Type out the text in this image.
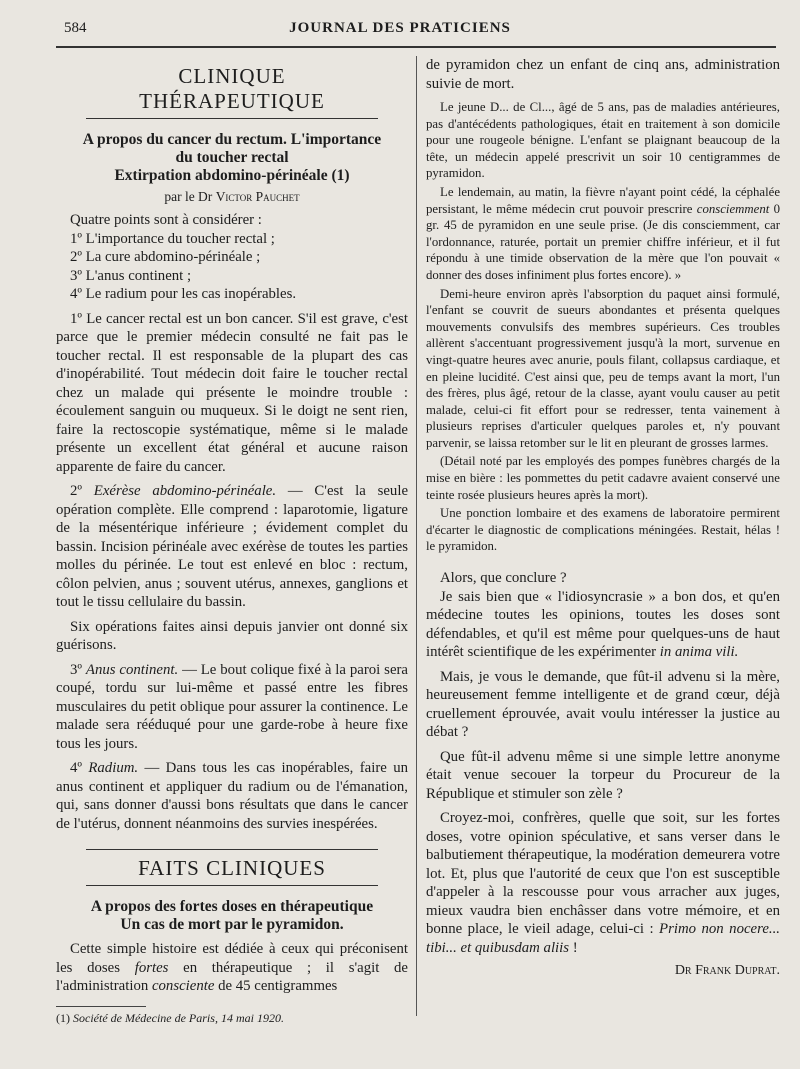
584	JOURNAL DES PRATICIENS
CLINIQUE THÉRAPEUTIQUE
A propos du cancer du rectum. L'importance
du toucher rectal
Extirpation abdomino-périnéale (1)
par le Dr Victor Pauchet
Quatre points sont à considérer :
1º L'importance du toucher rectal ;
2º La cure abdomino-périnéale ;
3º L'anus continent ;
4º Le radium pour les cas inopérables.

1º Le cancer rectal est un bon cancer. S'il est grave, c'est parce que le premier médecin consulté ne fait pas le toucher rectal. Il est responsable de la plupart des cas d'inopérabilité. Tout médecin doit faire le toucher rectal chez un malade qui présente le moindre trouble : écoulement sanguin ou muqueux. Si le doigt ne sent rien, faire la rectoscopie systématique, même si le malade présente un excellent état général et aucune raison apparente de faire du cancer.

2º Exérèse abdomino-périnéale. — C'est la seule opération complète. Elle comprend : laparotomie, ligature de la mésentérique inférieure ; évidement complet du bassin. Incision périnéale avec exérèse de toutes les parties molles du périnée. Le tout est enlevé en bloc : rectum, côlon pelvien, anus ; souvent utérus, annexes, ganglions et tout le tissu cellulaire du bassin.

Six opérations faites ainsi depuis janvier ont donné six guérisons.

3º Anus continent. — Le bout colique fixé à la paroi sera coupé, tordu sur lui-même et passé entre les fibres musculaires du petit oblique pour assurer la continence. Le malade sera rééduqué pour une garde-robe à heure fixe tous les jours.

4º Radium. — Dans tous les cas inopérables, faire un anus continent et appliquer du radium ou de l'émanation, qui, sans donner d'aussi bons résultats que dans le cancer de l'utérus, donnent néanmoins des survies inespérées.

FAITS CLINIQUES
A propos des fortes doses en thérapeutique
Un cas de mort par le pyramidon.

Cette simple histoire est dédiée à ceux qui préconisent les doses fortes en thérapeutique ; il s'agit de l'administration consciente de 45 centigrammes

(1) Société de Médecine de Paris, 14 mai 1920.

de pyramidon chez un enfant de cinq ans, administration suivie de mort.

Le jeune D... de Cl..., âgé de 5 ans, pas de maladies antérieures, pas d'antécédents pathologiques, était en traitement à son domicile pour une rougeole bénigne. L'enfant se plaignant beaucoup de la tête, un médecin appelé prescrivit un soir 10 centigrammes de pyramidon.

Le lendemain, au matin, la fièvre n'ayant point cédé, la céphalée persistant, le même médecin crut pouvoir prescrire consciemment 0 gr. 45 de pyramidon en une seule prise. (Je dis consciemment, car l'ordonnance, raturée, portait un premier chiffre inférieur, et il fut répondu à une timide observation de la mère que l'on pouvait « donner des doses infiniment plus fortes encore). »

Demi-heure environ après l'absorption du paquet ainsi formulé, l'enfant se couvrit de sueurs abondantes et présenta quelques mouvements convulsifs des membres supérieurs. Ces troubles allèrent s'accentuant progressivement jusqu'à la mort, survenue en vingt-quatre heures avec anurie, pouls filant, collapsus cardiaque, et en pleine lucidité. C'est ainsi que, peu de temps avant la mort, l'un des frères, plus âgé, retour de la classe, ayant voulu causer au petit malade, celui-ci fit effort pour se redresser, tenta vainement à plusieurs reprises d'articuler quelques paroles et, n'y pouvant parvenir, se laissa retomber sur le lit en pleurant de grosses larmes.

(Détail noté par les employés des pompes funèbres chargés de la mise en bière : les pommettes du petit cadavre avaient conservé une teinte rosée plusieurs heures après la mort).

Une ponction lombaire et des examens de laboratoire permirent d'écarter le diagnostic de complications méningées. Restait, hélas ! le pyramidon.

Alors, que conclure ?

Je sais bien que « l'idiosyncrasie » a bon dos, et qu'en médecine toutes les opinions, toutes les doses sont défendables, et qu'il est même pour quelques-uns de haut intérêt scientifique de les expérimenter in anima vili.

Mais, je vous le demande, que fût-il advenu si la mère, heureusement femme intelligente et de grand cœur, déjà cruellement éprouvée, avait voulu intéresser la justice au débat ?

Que fût-il advenu même si une simple lettre anonyme était venue secouer la torpeur du Procureur de la République et stimuler son zèle ?

Croyez-moi, confrères, quelle que soit, sur les fortes doses, votre opinion spéculative, et sans verser dans le balbutiement thérapeutique, la modération demeurera votre lot. Et, plus que l'autorité de ceux que l'on est susceptible d'appeler à la rescousse pour vous arracher aux juges, mieux vaudra bien enchâsser dans votre mémoire, et en bonne place, le vieil adage, celui-ci : Primo non nocere... tibi... et quibusdam aliis !

Dr Frank Duprat.
